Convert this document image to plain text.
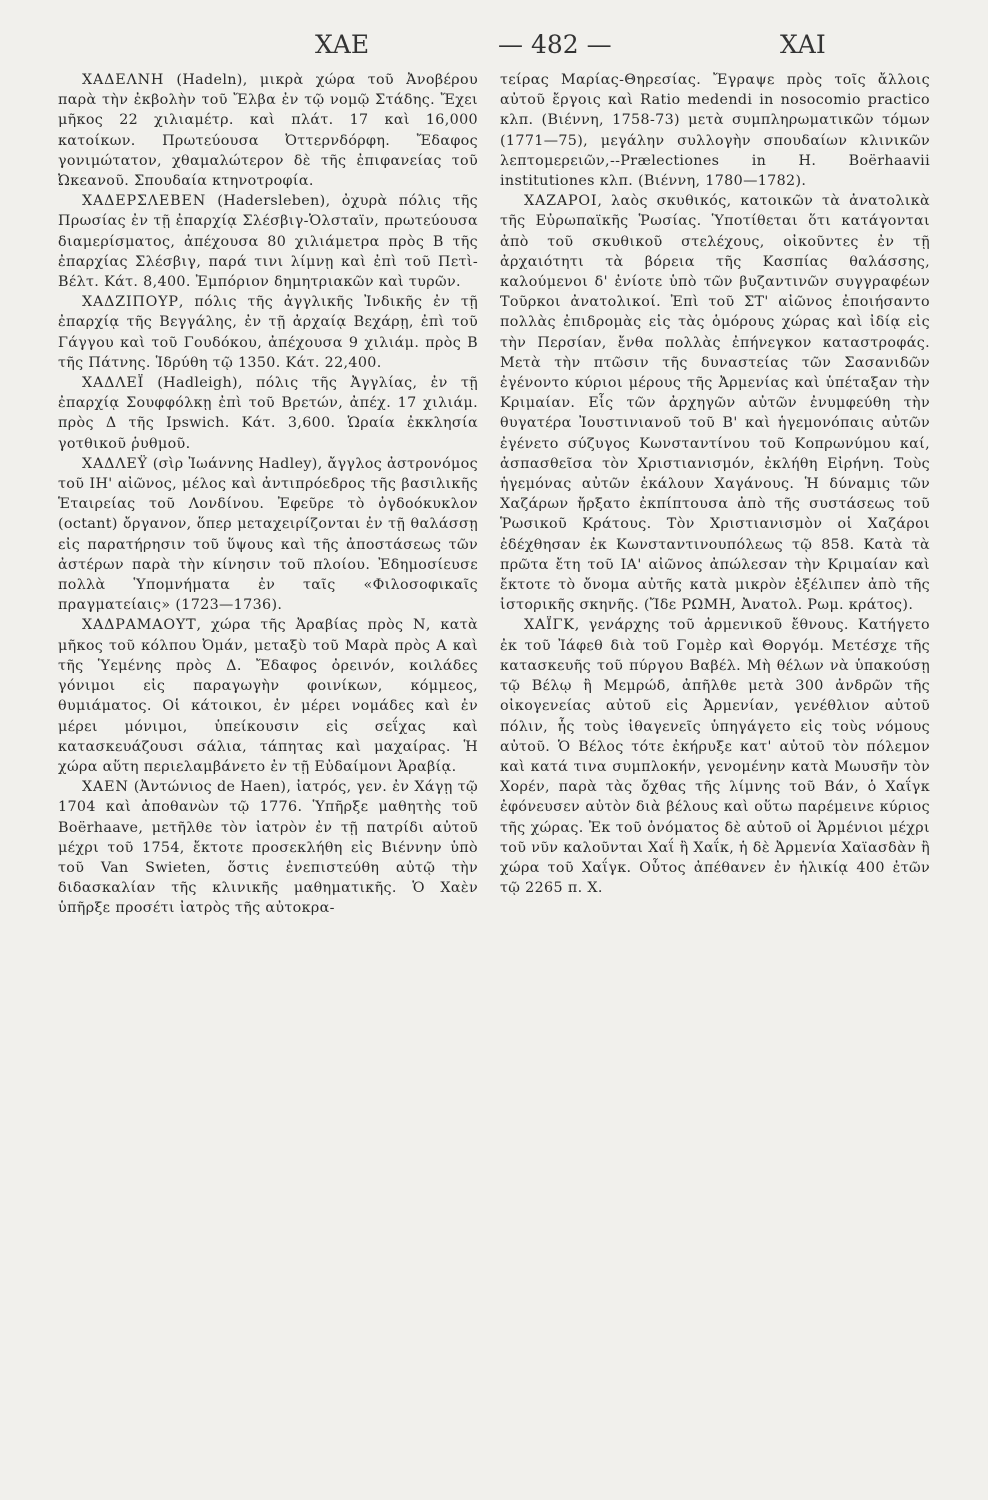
ΧΑΕ	— 482 —	ΧΑΙ

ΧΑΔΕΛΝΗ (Hadeln), μικρὰ χώρα τοῦ Ἀνοβέρου παρὰ τὴν ἐκβολὴν τοῦ Ἔλβα ἐν τῷ νομῷ Στάδης. Ἔχει μῆκος 22 χιλιαμέτρ. καὶ πλάτ. 17 καὶ 16,000 κατοίκων. Πρωτεύουσα Ὀττερνδόρφη. Ἔδαφος γονιμώτατον, χθαμαλώτερον δὲ τῆς ἐπιφανείας τοῦ Ὠκεανοῦ. Σπουδαία κτηνοτροφία.

ΧΑΔΕΡΣΛΕΒΕΝ (Hadersleben), ὀχυρὰ πόλις τῆς Πρωσίας ἐν τῇ ἐπαρχίᾳ Σλέσβιγ-Ὁλσταϊν, πρωτεύουσα διαμερίσματος, ἀπέχουσα 80 χιλιάμετρα πρὸς Β τῆς ἐπαρχίας Σλέσβιγ, παρά τινι λίμνῃ καὶ ἐπὶ τοῦ Πετὶ-Βέλτ. Κάτ. 8,400. Ἐμπόριον δημητριακῶν καὶ τυρῶν.

ΧΑΔΖΙΠΟΥΡ, πόλις τῆς ἀγγλικῆς Ἰνδικῆς ἐν τῇ ἐπαρχίᾳ τῆς Βεγγάλης, ἐν τῇ ἀρχαίᾳ Βεχάρῃ, ἐπὶ τοῦ Γάγγου καὶ τοῦ Γουδόκου, ἀπέχουσα 9 χιλιάμ. πρὸς Β τῆς Πάτνης. Ἱδρύθη τῷ 1350. Κάτ. 22,400.

ΧΑΔΛΕΪ (Hadleigh), πόλις τῆς Ἀγγλίας, ἐν τῇ ἐπαρχίᾳ Σουφφόλκῃ ἐπὶ τοῦ Βρετών, ἀπέχ. 17 χιλιάμ. πρὸς Δ τῆς Ipswich. Κάτ. 3,600. Ὡραία ἐκκλησία γοτθικοῦ ῥυθμοῦ.

ΧΑΔΛΕΫ (σὶρ Ἰωάννης Hadley), ἄγγλος ἀστρονόμος τοῦ ΙΗ' αἰῶνος, μέλος καὶ ἀντιπρόεδρος τῆς βασιλικῆς Ἑταιρείας τοῦ Λονδίνου. Ἐφεῦρε τὸ ὀγδοόκυκλον (octant) ὄργανον, ὅπερ μεταχειρίζονται ἐν τῇ θαλάσσῃ εἰς παρατήρησιν τοῦ ὕψους καὶ τῆς ἀποστάσεως τῶν ἀστέρων παρὰ τὴν κίνησιν τοῦ πλοίου. Ἐδημοσίευσε πολλὰ Ὑπομνήματα ἐν ταῖς «Φιλοσοφικαῖς πραγματείαις» (1723—1736).

ΧΑΔΡΑΜΑΟΥΤ, χώρα τῆς Ἀραβίας πρὸς Ν, κατὰ μῆκος τοῦ κόλπου Ὀμάν, μεταξὺ τοῦ Μαρὰ πρὸς Α καὶ τῆς Ὑεμένης πρὸς Δ. Ἔδαφος ὀρεινόν, κοιλάδες γόνιμοι εἰς παραγωγὴν φοινίκων, κόμμεος, θυμιάματος. Οἱ κάτοικοι, ἐν μέρει νομάδες καὶ ἐν μέρει μόνιμοι, ὑπείκουσιν εἰς σεΐχας καὶ κατασκευάζουσι σάλια, τάπητας καὶ μαχαίρας. Ἡ χώρα αὕτη περιελαμβάνετο ἐν τῇ Εὐδαίμονι Ἀραβίᾳ.

ΧΑΕΝ (Ἀντώνιος de Haen), ἰατρός, γεν. ἐν Χάγῃ τῷ 1704 καὶ ἀποθανὼν τῷ 1776. Ὑπῆρξε μαθητὴς τοῦ Boërhaave, μετῆλθε τὸν ἰατρὸν ἐν τῇ πατρίδι αὐτοῦ μέχρι τοῦ 1754, ἔκτοτε προσεκλήθη εἰς Βιέννην ὑπὸ τοῦ Van Swieten, ὅστις ἐνεπιστεύθη αὐτῷ τὴν διδασκαλίαν τῆς κλινικῆς μαθηματικῆς. Ὁ Χαὲν ὑπῆρξε προσέτι ἰατρὸς τῆς αὐτοκρα-

τείρας Μαρίας-Θηρεσίας. Ἔγραψε πρὸς τοῖς ἄλλοις αὐτοῦ ἔργοις καὶ Ratio medendi in nosocomio practico κλπ. (Βιέννη, 1758-73) μετὰ συμπληρωματικῶν τόμων (1771—75), μεγάλην συλλογὴν σπουδαίων κλινικῶν λεπτομερειῶν,--Prælectiones in H. Boërhaavii institutiones κλπ. (Βιέννη, 1780—1782).

ΧΑΖΑΡΟΙ, λαὸς σκυθικός, κατοικῶν τὰ ἀνατολικὰ τῆς Εὐρωπαϊκῆς Ῥωσίας. Ὑποτίθεται ὅτι κατάγονται ἀπὸ τοῦ σκυθικοῦ στελέχους, οἰκοῦντες ἐν τῇ ἀρχαιότητι τὰ βόρεια τῆς Κασπίας θαλάσσης, καλούμενοι δ' ἐνίοτε ὑπὸ τῶν βυζαντινῶν συγγραφέων Τοῦρκοι ἀνατολικοί. Ἐπὶ τοῦ ΣΤ' αἰῶνος ἐποιήσαντο πολλὰς ἐπιδρομὰς εἰς τὰς ὁμόρους χώρας καὶ ἰδίᾳ εἰς τὴν Περσίαν, ἔνθα πολλὰς ἐπήνεγκον καταστροφάς. Μετὰ τὴν πτῶσιν τῆς δυναστείας τῶν Σασανιδῶν ἐγένοντο κύριοι μέρους τῆς Ἀρμενίας καὶ ὑπέταξαν τὴν Κριμαίαν. Εἷς τῶν ἀρχηγῶν αὐτῶν ἐνυμφεύθη τὴν θυγατέρα Ἰουστινιανοῦ τοῦ Β' καὶ ἡγεμονόπαις αὐτῶν ἐγένετο σύζυγος Κωνσταντίνου τοῦ Κοπρωνύμου καί, ἀσπασθεῖσα τὸν Χριστιανισμόν, ἐκλήθη Εἰρήνη. Τοὺς ἡγεμόνας αὐτῶν ἐκάλουν Χαγάνους. Ἡ δύναμις τῶν Χαζάρων ἤρξατο ἐκπίπτουσα ἀπὸ τῆς συστάσεως τοῦ Ῥωσικοῦ Κράτους. Τὸν Χριστιανισμὸν οἱ Χαζάροι ἐδέχθησαν ἐκ Κωνσταντινουπόλεως τῷ 858. Κατὰ τὰ πρῶτα ἔτη τοῦ ΙΑ' αἰῶνος ἀπώλεσαν τὴν Κριμαίαν καὶ ἔκτοτε τὸ ὄνομα αὐτῆς κατὰ μικρὸν ἐξέλιπεν ἀπὸ τῆς ἱστορικῆς σκηνῆς. (Ἴδε ΡΩΜΗ, Ἀνατολ. Ρωμ. κράτος).

ΧΑΪΓΚ, γενάρχης τοῦ ἀρμενικοῦ ἔθνους. Κατήγετο ἐκ τοῦ Ἰάφεθ διὰ τοῦ Γομὲρ καὶ Θοργόμ. Μετέσχε τῆς κατασκευῆς τοῦ πύργου Βαβέλ. Μὴ θέλων νὰ ὑπακούσῃ τῷ Βέλῳ ἢ Μεμρώδ, ἀπῆλθε μετὰ 300 ἀνδρῶν τῆς οἰκογενείας αὐτοῦ εἰς Ἀρμενίαν, γενέθλιον αὐτοῦ πόλιν, ἧς τοὺς ἰθαγενεῖς ὑπηγάγετο εἰς τοὺς νόμους αὐτοῦ. Ὁ Βέλος τότε ἐκήρυξε κατ' αὐτοῦ τὸν πόλεμον καὶ κατά τινα συμπλοκήν, γενομένην κατὰ Μωυσῆν τὸν Χορέν, παρὰ τὰς ὄχθας τῆς λίμνης τοῦ Βάν, ὁ Χαΐγκ ἐφόνευσεν αὐτὸν διὰ βέλους καὶ οὕτω παρέμεινε κύριος τῆς χώρας. Ἐκ τοῦ ὀνόματος δὲ αὐτοῦ οἱ Ἀρμένιοι μέχρι τοῦ νῦν καλοῦνται Χαΐ ἢ Χαΐκ, ἡ δὲ Ἀρμενία Χαϊασδὰν ἢ χώρα τοῦ Χαΐγκ. Οὗτος ἀπέθανεν ἐν ἡλικίᾳ 400 ἐτῶν τῷ 2265 π. Χ.
